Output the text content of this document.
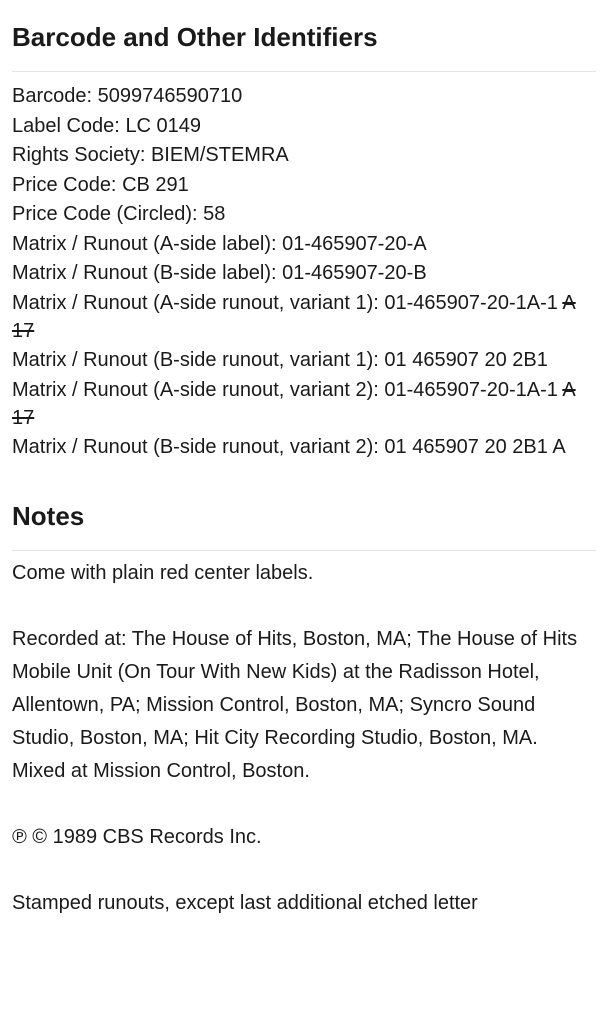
Barcode and Other Identifiers
Barcode: 5099746590710
Label Code: LC 0149
Rights Society: BIEM/STEMRA
Price Code: CB 291
Price Code (Circled): 58
Matrix / Runout (A-side label): 01-465907-20-A
Matrix / Runout (B-side label): 01-465907-20-B
Matrix / Runout (A-side runout, variant 1): 01-465907-20-1A-1 A 17
Matrix / Runout (B-side runout, variant 1): 01 465907 20 2B1
Matrix / Runout (A-side runout, variant 2): 01-465907-20-1A-1 A 17
Matrix / Runout (B-side runout, variant 2): 01 465907 20 2B1 A
Notes

Come with plain red center labels.

Recorded at: The House of Hits, Boston, MA; The House of Hits Mobile Unit (On Tour With New Kids) at the Radisson Hotel, Allentown, PA; Mission Control, Boston, MA; Syncro Sound Studio, Boston, MA; Hit City Recording Studio, Boston, MA.

Mixed at Mission Control, Boston.

℗ © 1989 CBS Records Inc.

Stamped runouts, except last additional etched letter
